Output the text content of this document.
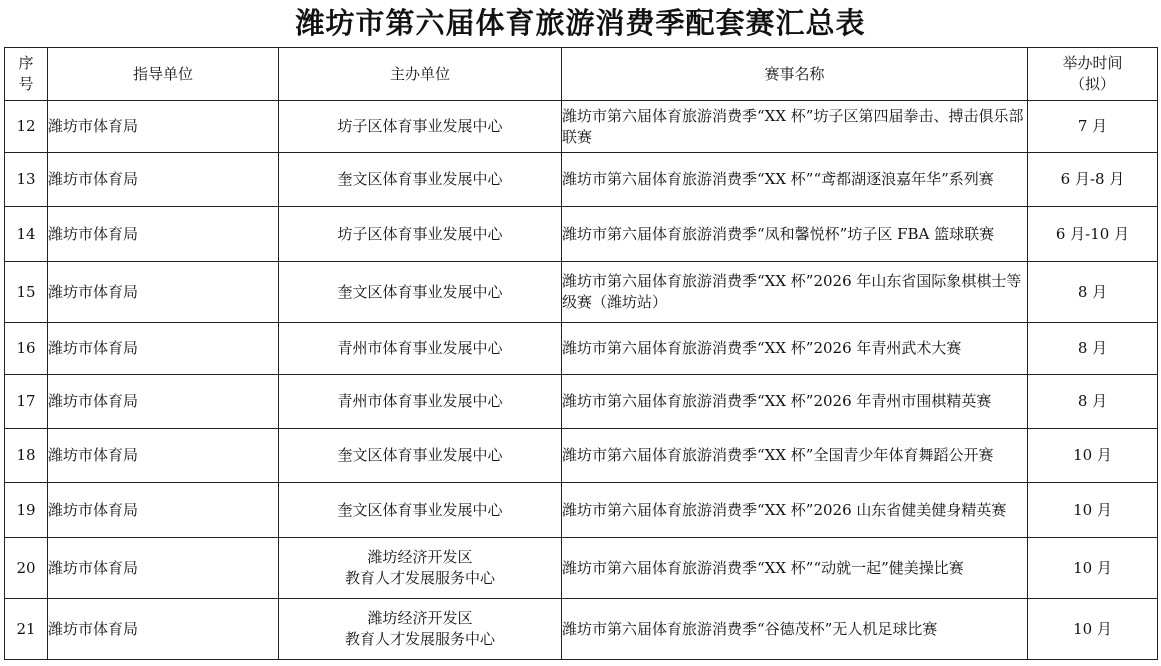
潍坊市第六届体育旅游消费季配套赛汇总表
序
号	指导单位	主办单位	赛事名称	举办时间
（拟）
12	潍坊市体育局	坊子区体育事业发展中心	潍坊市第六届体育旅游消费季“XX 杯”坊子区第四届拳击、搏击俱乐部联赛	7 月
13	潍坊市体育局	奎文区体育事业发展中心	潍坊市第六届体育旅游消费季“XX 杯”“鸢都湖逐浪嘉年华”系列赛	6 月-8 月
14	潍坊市体育局	坊子区体育事业发展中心	潍坊市第六届体育旅游消费季“凤和馨悦杯”坊子区 FBA 篮球联赛	6 月-10 月
15	潍坊市体育局	奎文区体育事业发展中心	潍坊市第六届体育旅游消费季“XX 杯”2026 年山东省国际象棋棋士等级赛（潍坊站）	8 月
16	潍坊市体育局	青州市体育事业发展中心	潍坊市第六届体育旅游消费季“XX 杯”2026 年青州武术大赛	8 月
17	潍坊市体育局	青州市体育事业发展中心	潍坊市第六届体育旅游消费季“XX 杯”2026 年青州市围棋精英赛	8 月
18	潍坊市体育局	奎文区体育事业发展中心	潍坊市第六届体育旅游消费季“XX 杯”全国青少年体育舞蹈公开赛	10 月
19	潍坊市体育局	奎文区体育事业发展中心	潍坊市第六届体育旅游消费季“XX 杯”2026 山东省健美健身精英赛	10 月
20	潍坊市体育局	潍坊经济开发区
教育人才发展服务中心	潍坊市第六届体育旅游消费季“XX 杯”“动就一起”健美操比赛	10 月
21	潍坊市体育局	潍坊经济开发区
教育人才发展服务中心	潍坊市第六届体育旅游消费季“谷德茂杯”无人机足球比赛	10 月
